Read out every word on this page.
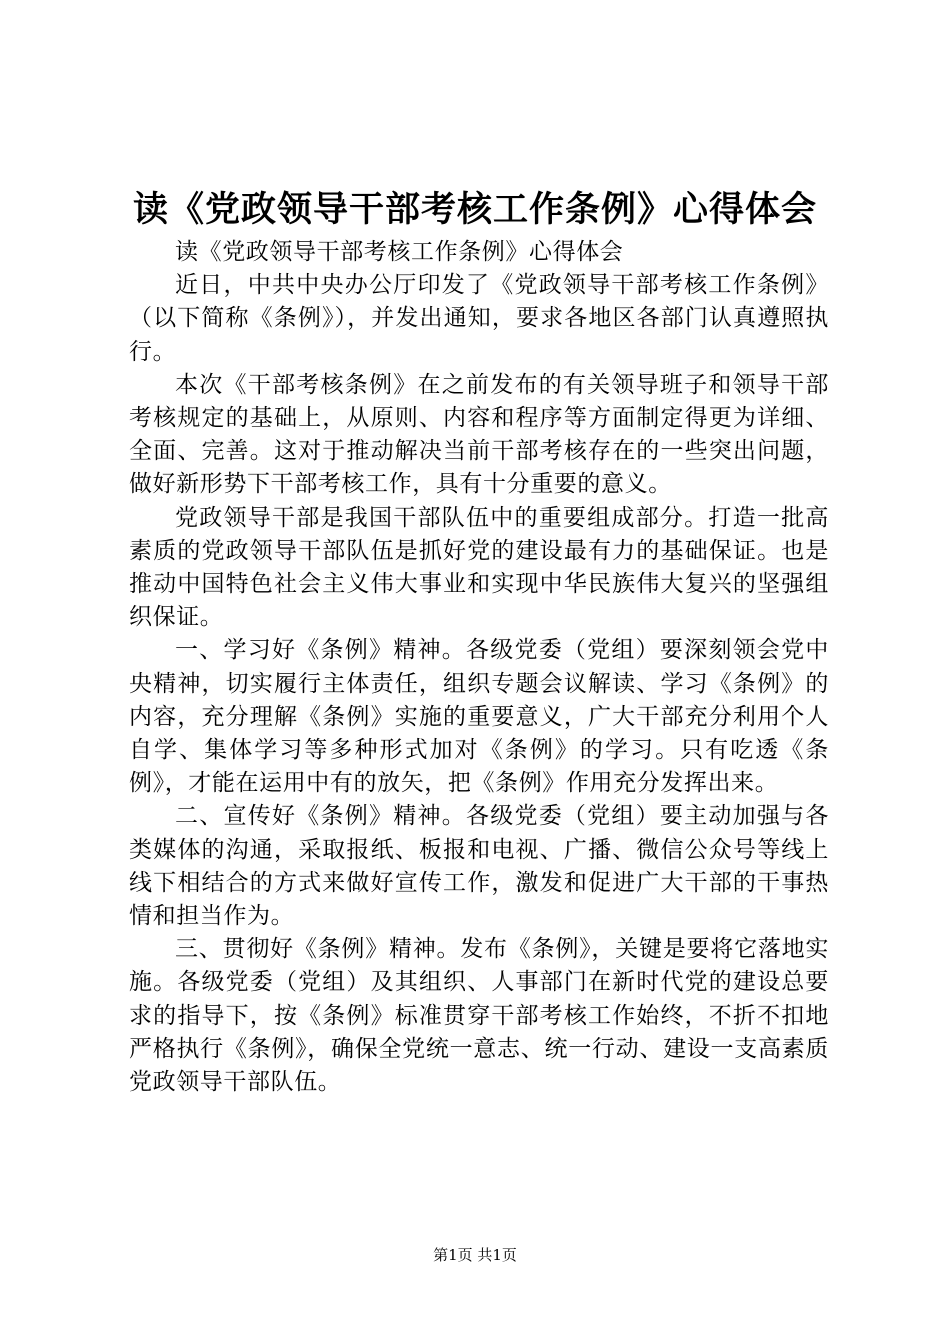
读《党政领导干部考核工作条例》心得体会

读《党政领导干部考核工作条例》心得体会

近日，中共中央办公厅印发了《党政领导干部考核工作条例》（以下简称《条例》），并发出通知，要求各地区各部门认真遵照执行。

本次《干部考核条例》在之前发布的有关领导班子和领导干部考核规定的基础上，从原则、内容和程序等方面制定得更为详细、全面、完善。这对于推动解决当前干部考核存在的一些突出问题，做好新形势下干部考核工作，具有十分重要的意义。

党政领导干部是我国干部队伍中的重要组成部分。打造一批高素质的党政领导干部队伍是抓好党的建设最有力的基础保证。也是推动中国特色社会主义伟大事业和实现中华民族伟大复兴的坚强组织保证。

一、学习好《条例》精神。各级党委（党组）要深刻领会党中央精神，切实履行主体责任，组织专题会议解读、学习《条例》的内容，充分理解《条例》实施的重要意义，广大干部充分利用个人自学、集体学习等多种形式加对《条例》的学习。只有吃透《条例》，才能在运用中有的放矢，把《条例》作用充分发挥出来。

二、宣传好《条例》精神。各级党委（党组）要主动加强与各类媒体的沟通，采取报纸、板报和电视、广播、微信公众号等线上线下相结合的方式来做好宣传工作，激发和促进广大干部的干事热情和担当作为。

三、贯彻好《条例》精神。发布《条例》，关键是要将它落地实施。各级党委（党组）及其组织、人事部门在新时代党的建设总要求的指导下，按《条例》标准贯穿干部考核工作始终，不折不扣地严格执行《条例》，确保全党统一意志、统一行动、建设一支高素质党政领导干部队伍。

第1页 共1页
